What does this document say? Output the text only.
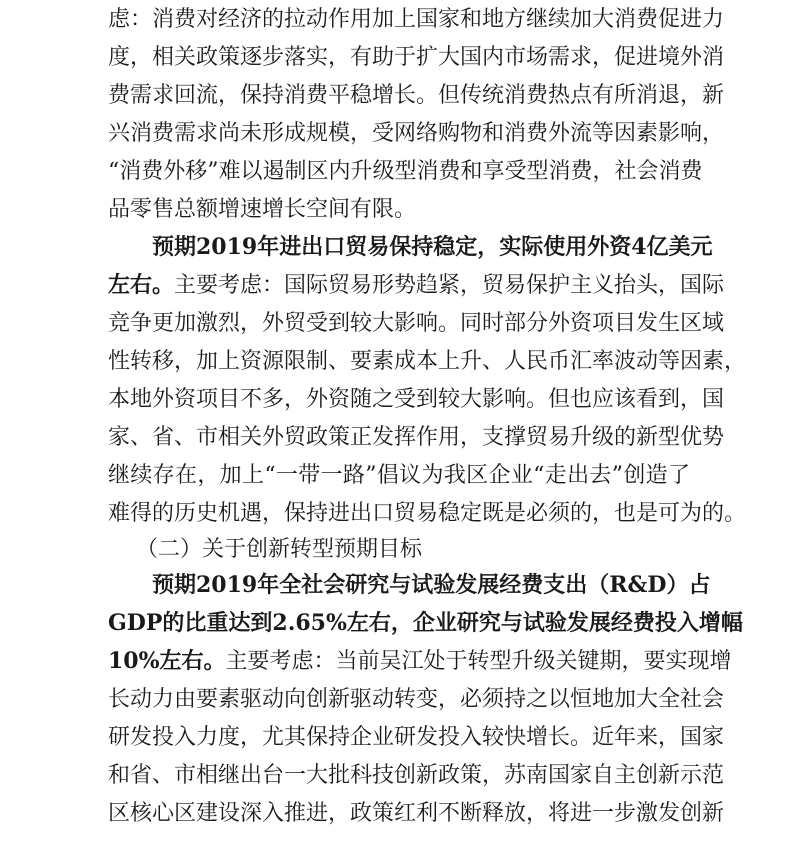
虑：消费对经济的拉动作用加上国家和地方继续加大消费促进力
度，相关政策逐步落实，有助于扩大国内市场需求，促进境外消
费需求回流，保持消费平稳增长。但传统消费热点有所消退，新
兴消费需求尚未形成规模，受网络购物和消费外流等因素影响，
“消费外移”难以遏制区内升级型消费和享受型消费，社会消费
品零售总额增速增长空间有限。
预期2019年进出口贸易保持稳定，实际使用外资4亿美元
左右。主要考虑：国际贸易形势趋紧，贸易保护主义抬头，国际
竞争更加激烈，外贸受到较大影响。同时部分外资项目发生区域
性转移，加上资源限制、要素成本上升、人民币汇率波动等因素，
本地外资项目不多，外资随之受到较大影响。但也应该看到，国
家、省、市相关外贸政策正发挥作用，支撑贸易升级的新型优势
继续存在，加上“一带一路”倡议为我区企业“走出去”创造了
难得的历史机遇，保持进出口贸易稳定既是必须的，也是可为的。
（二）关于创新转型预期目标
预期2019年全社会研究与试验发展经费支出（R&D）占
GDP的比重达到2.65%左右，企业研究与试验发展经费投入增幅
10%左右。主要考虑：当前吴江处于转型升级关键期，要实现增
长动力由要素驱动向创新驱动转变，必须持之以恒地加大全社会
研发投入力度，尤其保持企业研发投入较快增长。近年来，国家
和省、市相继出台一大批科技创新政策，苏南国家自主创新示范
区核心区建设深入推进，政策红利不断释放，将进一步激发创新
